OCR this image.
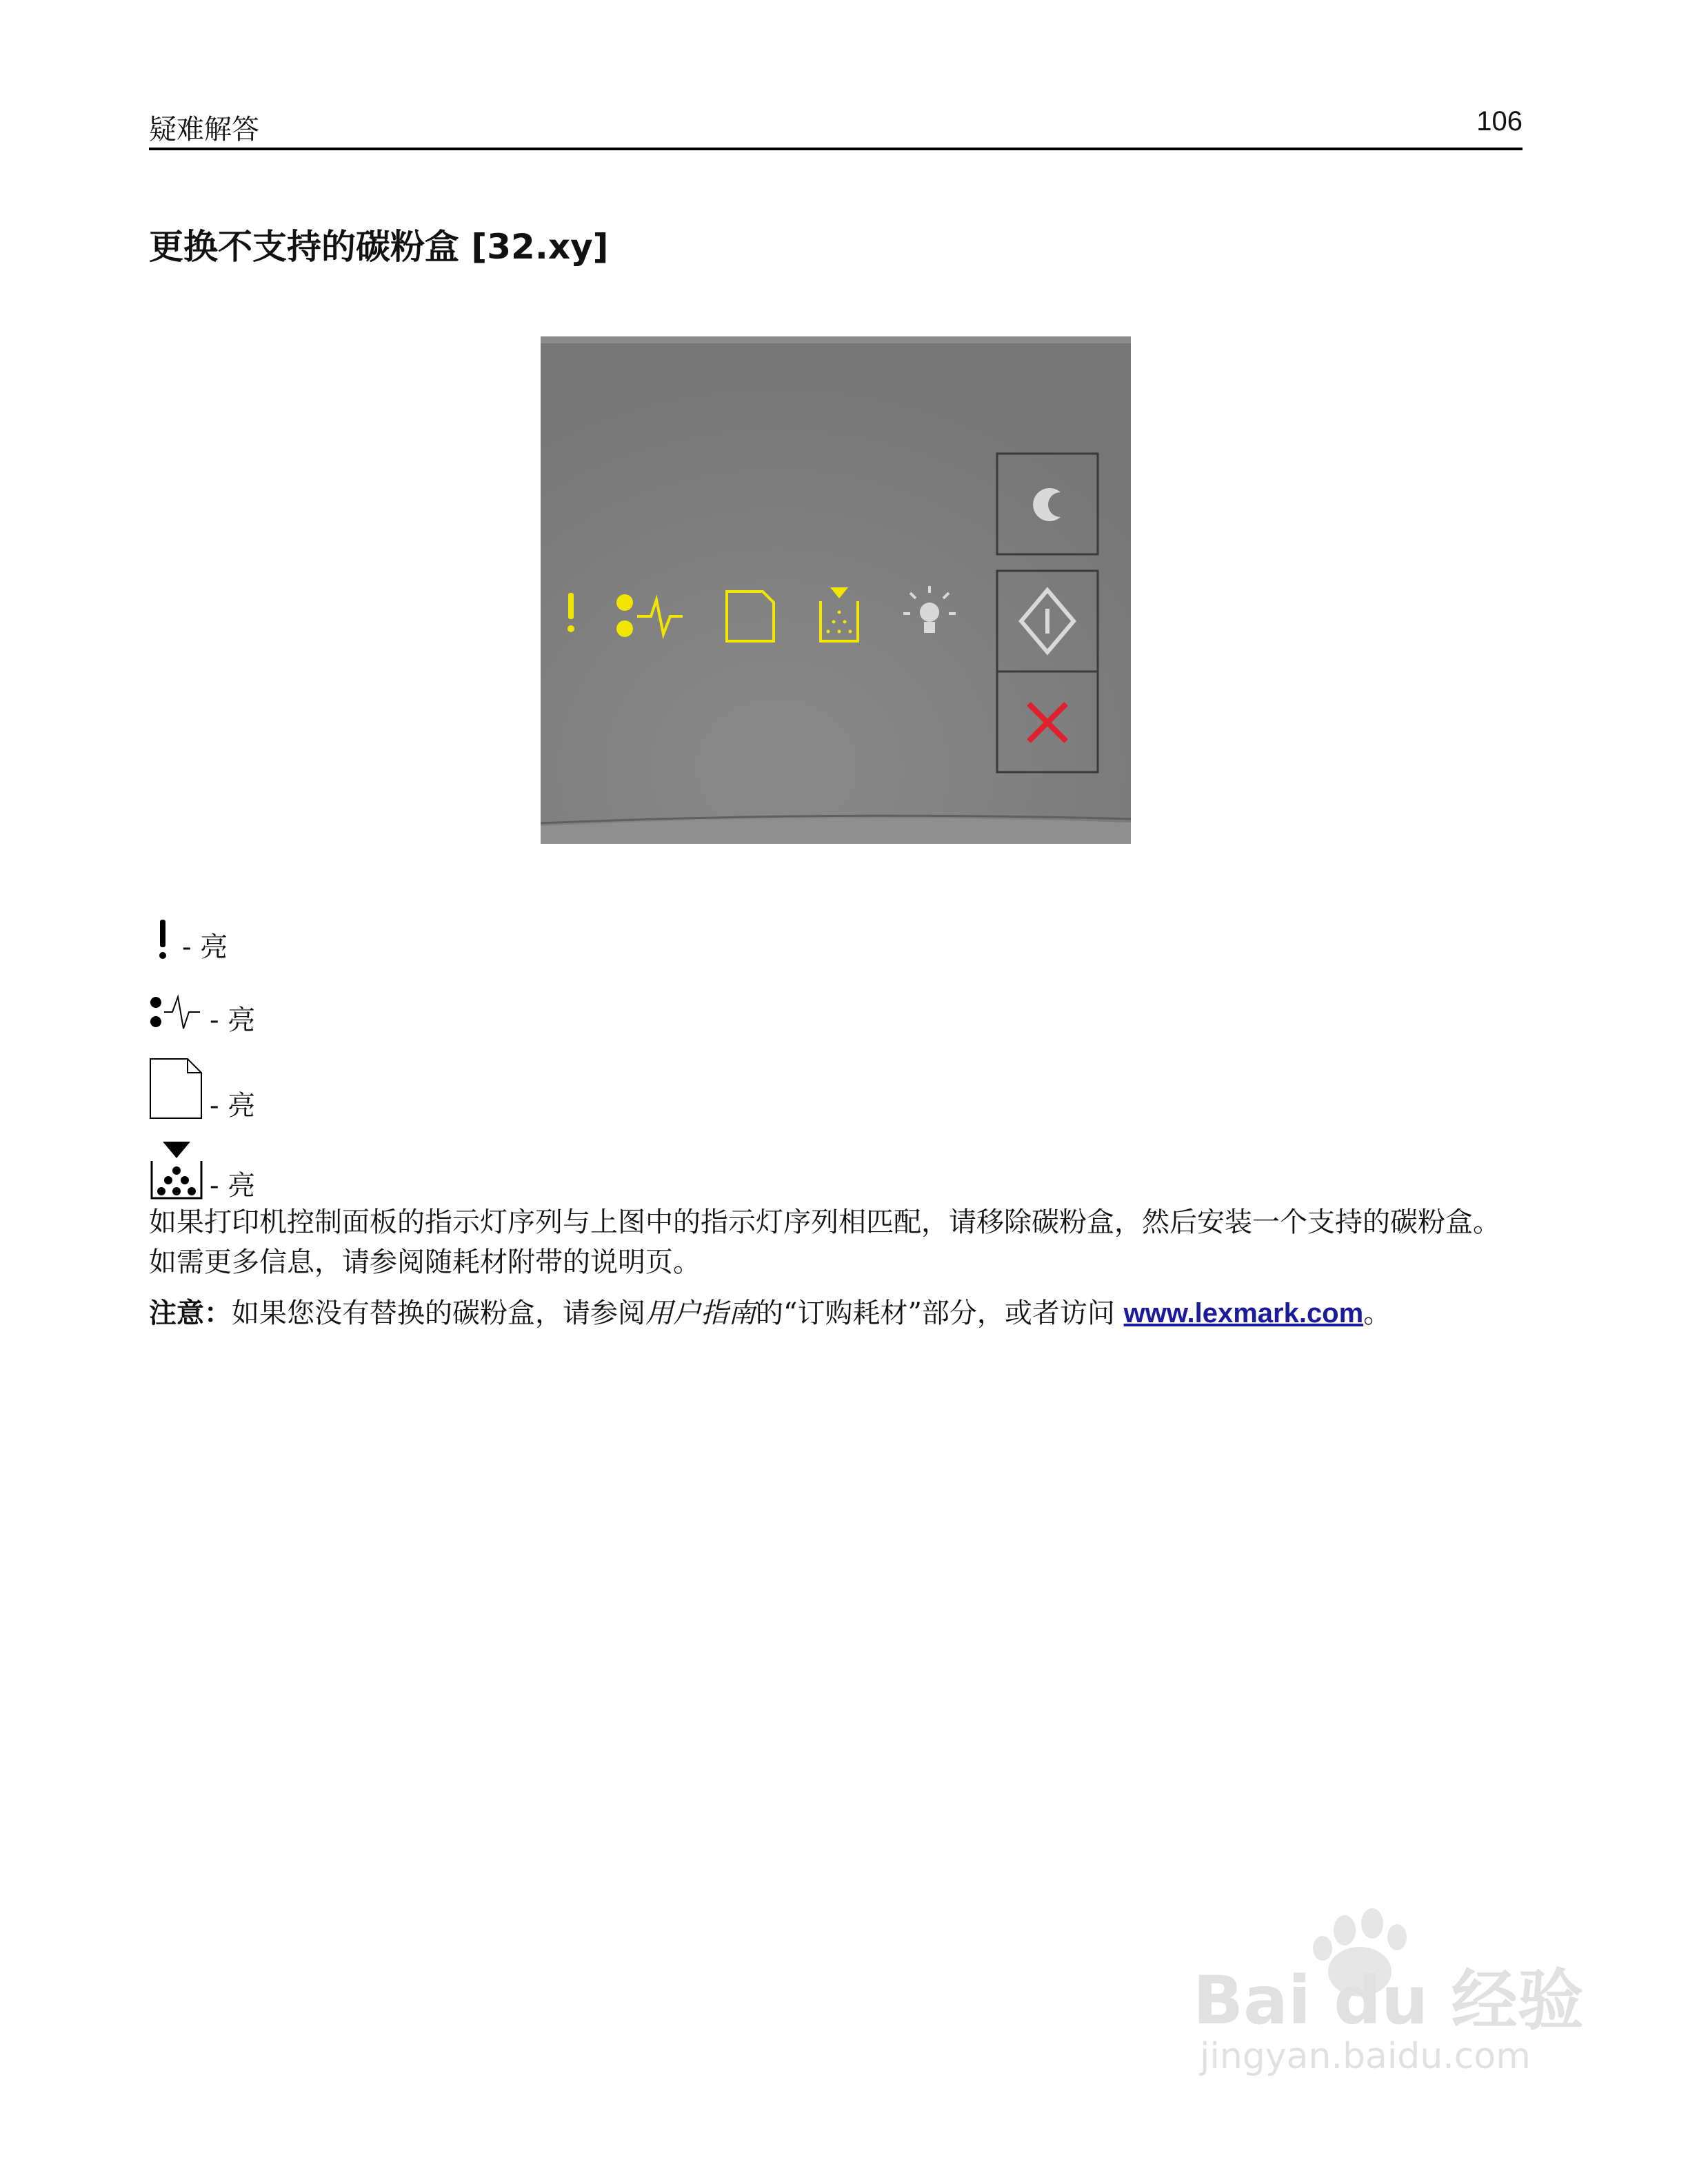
疑难解答	106
更换不支持的碳粉盒 [32.xy]
- 亮
- 亮
- 亮
- 亮

如果打印机控制面板的指示灯序列与上图中的指示灯序列相匹配，请移除碳粉盒，然后安装一个支持的碳粉盒。如需更多信息，请参阅随耗材附带的说明页。

注意：如果您没有替换的碳粉盒，请参阅用户指南的“订购耗材”部分，或者访问 www.lexmark.com。

Bai du 经验
jingyan.baidu.com
